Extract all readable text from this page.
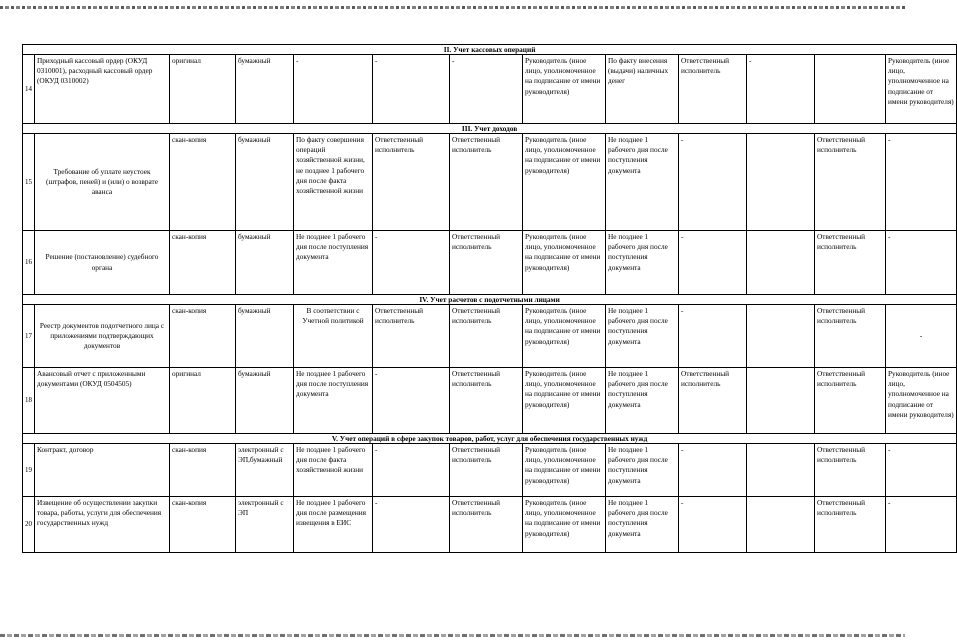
II. Учет кассовых операций												
14	Приходный кассовый ордер (ОКУД 0310001), расходный кассовый ордер (ОКУД 0310002)	оригинал	бумажный	-	-	-	Руководитель (иное лицо, уполномоченное на подписание от имени руководителя)	По факту внесения (выдачи) наличных денег	Ответственный исполнитель	-		Руководитель (иное лицо, уполномоченное на подписание от имени руководителя)
III. Учет доходов												
15	Требование об уплате неустоек (штрафов, пеней) и (или) о возврате аванса	скан-копия	бумажный	По факту совершения операций хозяйственной жизни, не позднее 1 рабочего дня после факта хозяйственной жизни	Ответственный исполнитель	Ответственный исполнитель	Руководитель (иное лицо, уполномоченное на подписание от имени руководителя)	Не позднее 1 рабочего дня после поступления документа	-		Ответственный исполнитель	-
16	Решение (постановление) судебного органа	скан-копия	бумажный	Не позднее 1 рабочего дня после поступления документа	-	Ответственный исполнитель	Руководитель (иное лицо, уполномоченное на подписание от имени руководителя)	Не позднее 1 рабочего дня после поступления документа	-		Ответственный исполнитель	-
IV. Учет расчетов с подотчетными лицами												
17	Реестр документов подотчетного лица с приложениями подтверждающих документов	скан-копия	бумажный	В соответствии с Учетной политикой	Ответственный исполнитель	Ответственный исполнитель	Руководитель (иное лицо, уполномоченное на подписание от имени руководителя)	Не позднее 1 рабочего дня после поступления документа	-		Ответственный исполнитель	-
18	Авансовый отчет с приложенными документами (ОКУД 0504505)	оригинал	бумажный	Не позднее 1 рабочего дня после поступления документа	-	Ответственный исполнитель	Руководитель (иное лицо, уполномоченное на подписание от имени руководителя)	Не позднее 1 рабочего дня после поступления документа	Ответственный исполнитель		Ответственный исполнитель	Руководитель (иное лицо, уполномоченное на подписание от имени руководителя)
V. Учет операций в сфере закупок товаров, работ, услуг для обеспечения государственных нужд												
19	Контракт, договор	скан-копия	электронный с ЭП,бумажный	Не позднее 1 рабочего дня после факта хозяйственной жизни	-	Ответственный исполнитель	Руководитель (иное лицо, уполномоченное на подписание от имени руководителя)	Не позднее 1 рабочего дня после поступления документа	-		Ответственный исполнитель	-
20	Извещение об осуществлении закупки товара, работы, услуги для обеспечения государственных нужд	скан-копия	электронный с ЭП	Не позднее 1 рабочего дня после размещения извещения в ЕИС	-	Ответственный исполнитель	Руководитель (иное лицо, уполномоченное на подписание от имени руководителя)	Не позднее 1 рабочего дня после поступления документа	-		Ответственный исполнитель	-
